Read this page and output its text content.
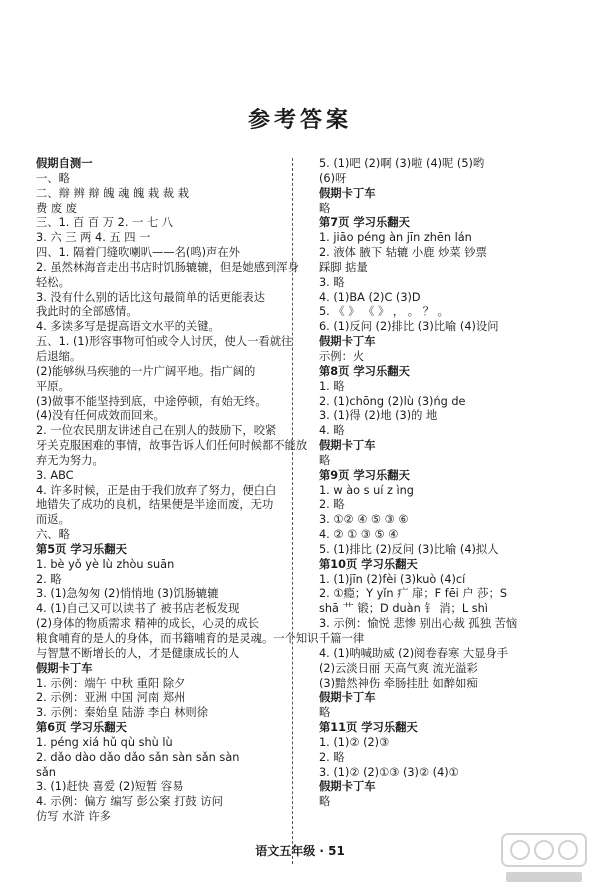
参考答案
假期自测一
一、略
二、辩 辨 辩 魄 魂 魄 栽 裁 栽
费 废 废
三、1. 百 百 万 2. 一 七 八
3. 六 三 两 4. 五 四 一
四、1. 隔着门缝吹喇叭——名(鸣)声在外
2. 虽然林海音走出书店时饥肠辘辘，但是她感到浑身
轻松。
3. 没有什么别的话比这句最简单的话更能表达
我此时的全部感情。
4. 多读多写是提高语文水平的关键。
五、1. (1)形容事物可怕或令人讨厌，使人一看就往
后退缩。
(2)能够纵马疾驰的一片广阔平地。指广阔的
平原。
(3)做事不能坚持到底，中途停顿，有始无终。
(4)没有任何成效而回来。
2. 一位农民朋友讲述自己在别人的鼓励下，咬紧
牙关克服困难的事情，故事告诉人们任何时候都不能放
弃无为努力。
3. ABC
4. 许多时候，正是由于我们放弃了努力，便白白
地错失了成功的良机，结果便是半途而废，无功
而返。
六、略
第5页 学习乐翻天
1. bè yǒ yè lù zhòu suān
2. 略
3. (1)急匆匆 (2)悄悄地 (3)饥肠辘辘
4. (1)自己又可以读书了 被书店老板发现
(2)身体的物质需求 精神的成长，心灵的成长
粮食哺育的是人的身体，而书籍哺育的是灵魂。一个知识
与智慧不断增长的人，才是健康成长的人
假期卡丁车
1. 示例：端午 中秋 重阳 除夕
2. 示例：亚洲 中国 河南 郑州
3. 示例：秦始皇 陆游 李白 林则徐
第6页 学习乐翻天
1. péng xiá hǔ qù shù lù
2. dǎo dào dǎo dǎo sǎn sàn sǎn sàn
sǎn
3. (1)赶快 喜爱 (2)短暂 容易
4. 示例：偏方 编写 彭公案 打鼓 访问
仿写 水浒 许多
5. (1)吧 (2)啊 (3)啦 (4)呢 (5)哟
(6)呀
假期卡丁车
略
第7页 学习乐翻天
1. jiāo péng àn jīn zhēn lán
2. 液体 腋下 轱辘 小鹿 炒菜 钞票
踩脚 掂量
3. 略
4. (1)BA (2)C (3)D
5. 《 》 《 》 ， 。 ？ 。
6. (1)反问 (2)排比 (3)比喻 (4)设问
假期卡丁车
示例：火
第8页 学习乐翻天
1. 略
2. (1)chōng (2)lù (3)ńg de
3. (1)得 (2)地 (3)的 地
4. 略
假期卡丁车
略
第9页 学习乐翻天
1. w ào s uí z ìng
2. 略
3. ①② ④ ⑤ ③ ⑥
4. ② ① ③ ⑤ ④
5. (1)排比 (2)反问 (3)比喻 (4)拟人
第10页 学习乐翻天
1. (1)jīn (2)fèi (3)kuò (4)cí
2. ①瘾；Y yǐn 疒 扉；F fēi 户 莎；S
shā 艹 锻；D duàn 钅 消；L shì
3. 示例：愉悦 悲惨 别出心裁 孤独 苦恼
千篇一律
4. (1)呐喊助威 (2)阅卷春寒 大显身手
(2)云淡日丽 天高气爽 流光溢彩
(3)黯然神伤 牵肠挂肚 如醉如痴
假期卡丁车
略
第11页 学习乐翻天
1. (1)② (2)③
2. 略
3. (1)② (2)①③ (3)② (4)①
假期卡丁车
略
语文五年级 · 51
